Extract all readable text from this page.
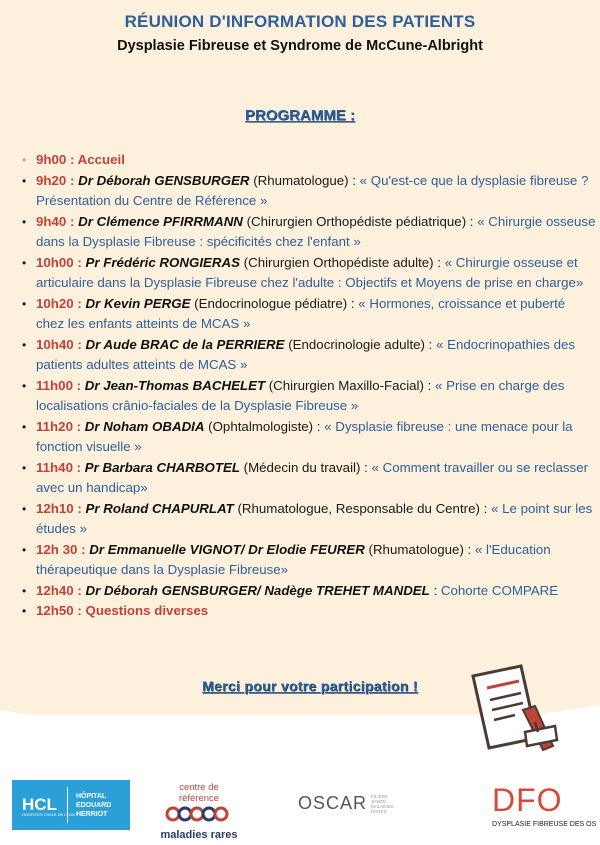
RÉUNION D'INFORMATION DES PATIENTS
Dysplasie Fibreuse et Syndrome de McCune-Albright
PROGRAMME :
• 9h00 : Accueil
• 9h20 : Dr Déborah GENSBURGER (Rhumatologue) : « Qu'est-ce que la dysplasie fibreuse ? Présentation du Centre de Référence »
• 9h40 : Dr Clémence PFIRRMANN (Chirurgien Orthopédiste pédiatrique) : « Chirurgie osseuse dans la Dysplasie Fibreuse : spécificités chez l'enfant »
• 10h00 : Pr Frédéric RONGIERAS (Chirurgien Orthopédiste adulte) : « Chirurgie osseuse et articulaire dans la Dysplasie Fibreuse chez l'adulte : Objectifs et Moyens de prise en charge»
• 10h20 : Dr Kevin PERGE (Endocrinologue pédiatre) : « Hormones, croissance et puberté chez les enfants atteints de MCAS »
• 10h40 : Dr Aude BRAC de la PERRIERE (Endocrinologie adulte) : « Endocrinopathies des patients adultes atteints de MCAS »
• 11h00 : Dr Jean-Thomas BACHELET (Chirurgien Maxillo-Facial) : « Prise en charge des localisations crânio-faciales de la Dysplasie Fibreuse »
• 11h20 : Dr Noham OBADIA (Ophtalmologiste) : « Dysplasie fibreuse : une menace pour la fonction visuelle »
• 11h40 : Pr Barbara CHARBOTEL (Médecin du travail) : « Comment travailler ou se reclasser avec un handicap»
• 12h10 : Pr Roland CHAPURLAT (Rhumatologue, Responsable du Centre) : « Le point sur les études »
• 12h 30 : Dr Emmanuelle VIGNOT/ Dr Elodie FEURER (Rhumatologue) : « l'Education thérapeutique dans la Dysplasie Fibreuse»
• 12h40 : Dr Déborah GENSBURGER/ Nadège TREHET MANDEL : Cohorte COMPARE
• 12h50 : Questions diverses
Merci pour votre participation !
HCL
HOSPICES CIVILS DE LYON
HÔPITAL
EDOUARD
HERRIOT
centre de référence
maladies rares
OSCAR FILIÈRE
SANTÉ
MALADIES
RARES	DFO
DYSPLASIE FIBREUSE DES OS
